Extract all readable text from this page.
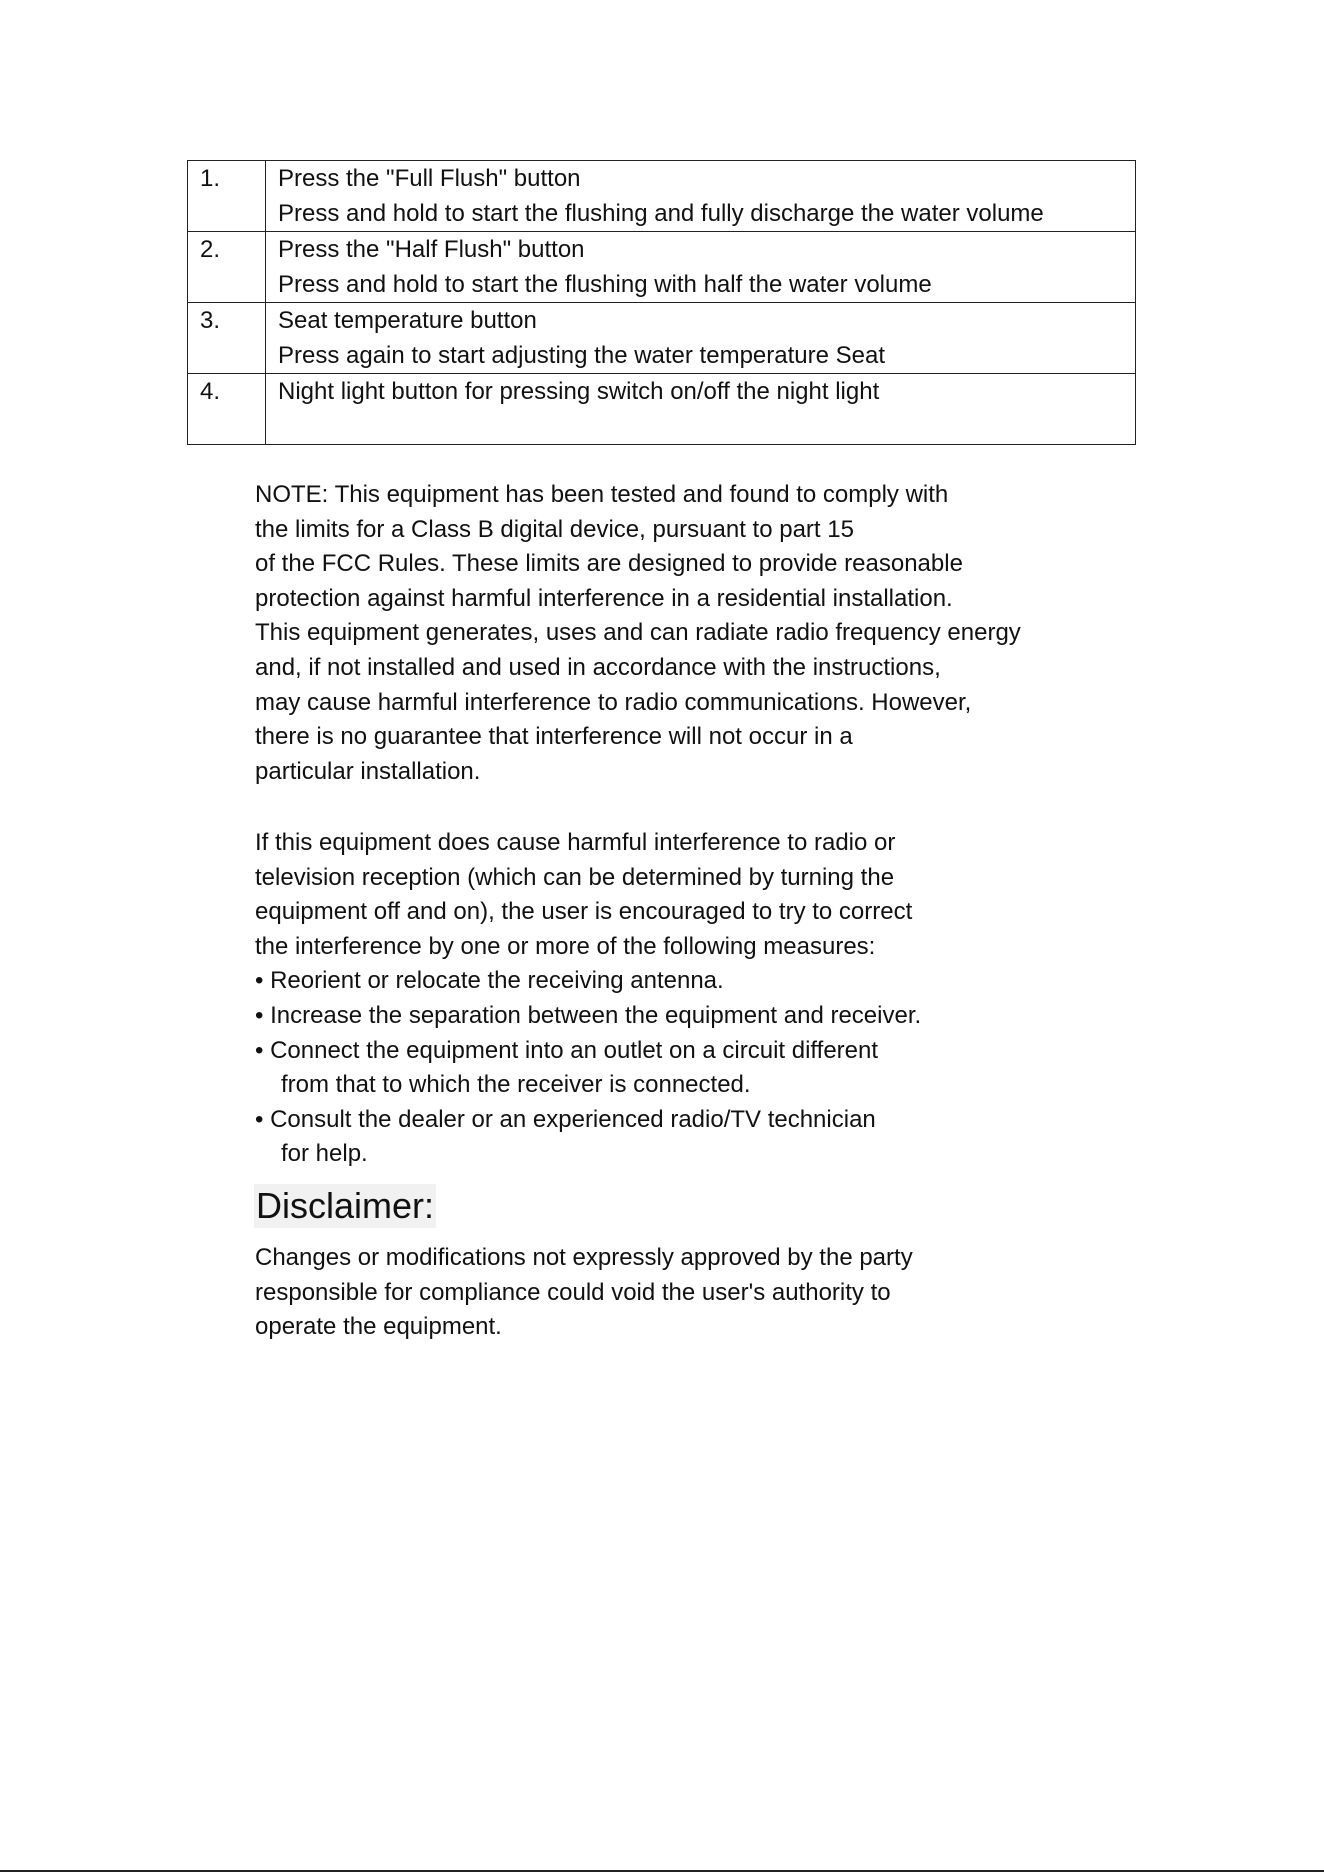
1.	Press the "Full Flush" button
Press and hold to start the flushing and fully discharge the water volume

2.	Press the "Half Flush" button
Press and hold to start the flushing with half the water volume

3.	Seat temperature button
Press again to start adjusting the water temperature Seat

4.	Night light button for pressing switch on/off the night light
NOTE: This equipment has been tested and found to comply with
the limits for a Class B digital device, pursuant to part 15
of the FCC Rules. These limits are designed to provide reasonable
protection against harmful interference in a residential installation.
This equipment generates, uses and can radiate radio frequency energy
and, if not installed and used in accordance with the instructions,
may cause harmful interference to radio communications. However,
there is no guarantee that interference will not occur in a
particular installation.
If this equipment does cause harmful interference to radio or
television reception (which can be determined by turning the
equipment off and on), the user is encouraged to try to correct
the interference by one or more of the following measures:
• Reorient or relocate the receiving antenna.
• Increase the separation between the equipment and receiver.
• Connect the equipment into an outlet on a circuit different
from that to which the receiver is connected.
• Consult the dealer or an experienced radio/TV technician
for help.
Disclaimer:
Changes or modifications not expressly approved by the party
responsible for compliance could void the user's authority to
operate the equipment.
